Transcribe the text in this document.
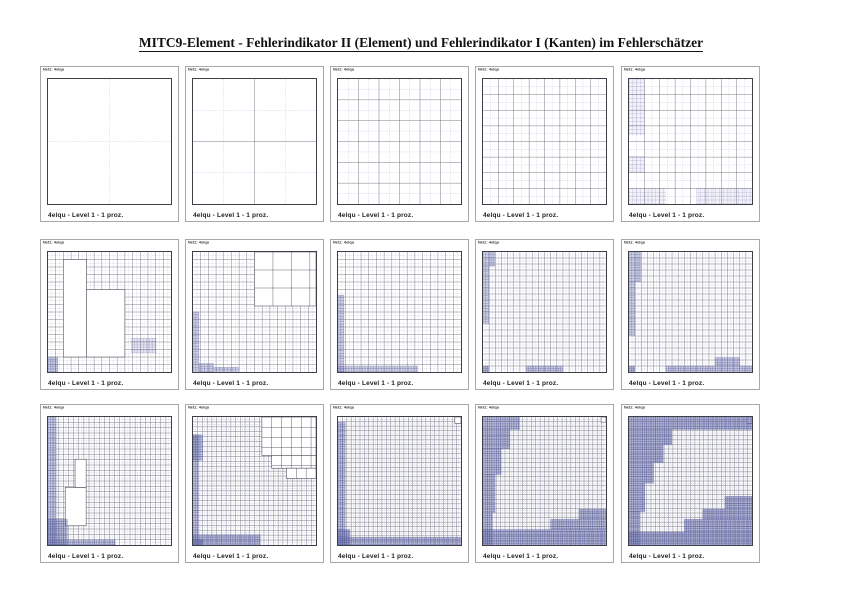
MITC9-Element - Fehlerindikator II (Element) und Fehlerindikator I (Kanten) im Fehlerschätzer
Netz: 4elqu
4elqu - Level 1 - 1 proz.
Netz: 4elqu
4elqu - Level 1 - 1 proz.
Netz: 4elqu
4elqu - Level 1 - 1 proz.
Netz: 4elqu
4elqu - Level 1 - 1 proz.
Netz: 4elqu
4elqu - Level 1 - 1 proz.
Netz: 4elqu
4elqu - Level 1 - 1 proz.
Netz: 4elqu
4elqu - Level 1 - 1 proz.
Netz: 4elqu
4elqu - Level 1 - 1 proz.
Netz: 4elqu
4elqu - Level 1 - 1 proz.
Netz: 4elqu
4elqu - Level 1 - 1 proz.
Netz: 4elqu
4elqu - Level 1 - 1 proz.
Netz: 4elqu
4elqu - Level 1 - 1 proz.
Netz: 4elqu
4elqu - Level 1 - 1 proz.
Netz: 4elqu
4elqu - Level 1 - 1 proz.
Netz: 4elqu
4elqu - Level 1 - 1 proz.
